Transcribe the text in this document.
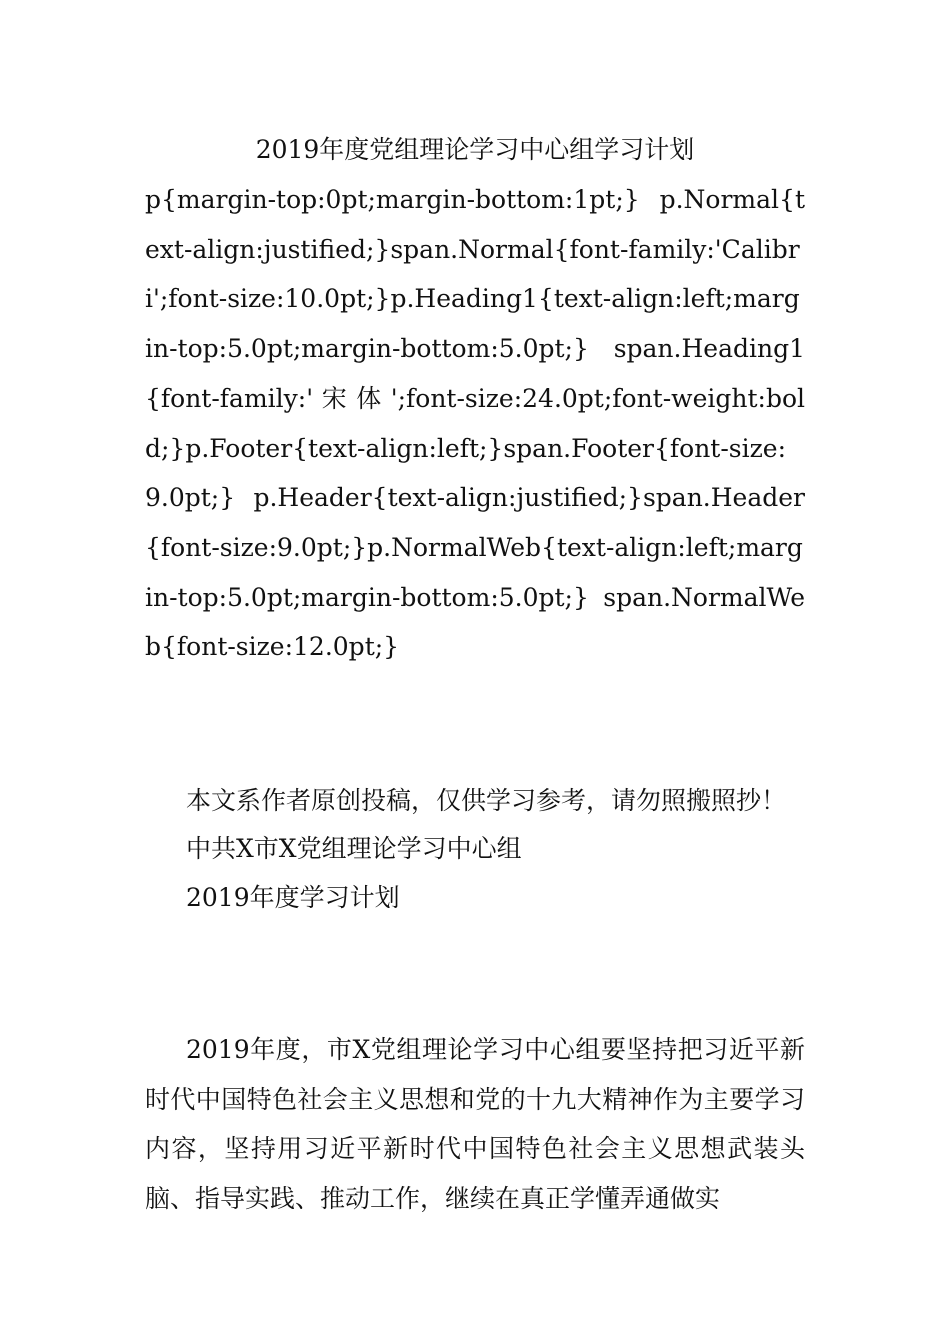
2019年度党组理论学习中心组学习计划
p{margin-top:0pt;margin-bottom:1pt;} p.Normal{text-align:justified;}span.Normal{font-family:'Calibri';font-size:10.0pt;}p.Heading1{text-align:left;margin-top:5.0pt;margin-bottom:5.0pt;} span.Heading1{font-family:' 宋 体 ';font-size:24.0pt;font-weight:bold;}p.Footer{text-align:left;}span.Footer{font-size:9.0pt;} p.Header{text-align:justified;}span.Header{font-size:9.0pt;}p.NormalWeb{text-align:left;margin-top:5.0pt;margin-bottom:5.0pt;} span.NormalWeb{font-size:12.0pt;}
本文系作者原创投稿，仅供学习参考，请勿照搬照抄！
中共X市X党组理论学习中心组
2019年度学习计划
2019年度，市X党组理论学习中心组要坚持把习近平新时代中国特色社会主义思想和党的十九大精神作为主要学习内容，坚持用习近平新时代中国特色社会主义思想武装头脑、指导实践、推动工作，继续在真正学懂弄通做实
